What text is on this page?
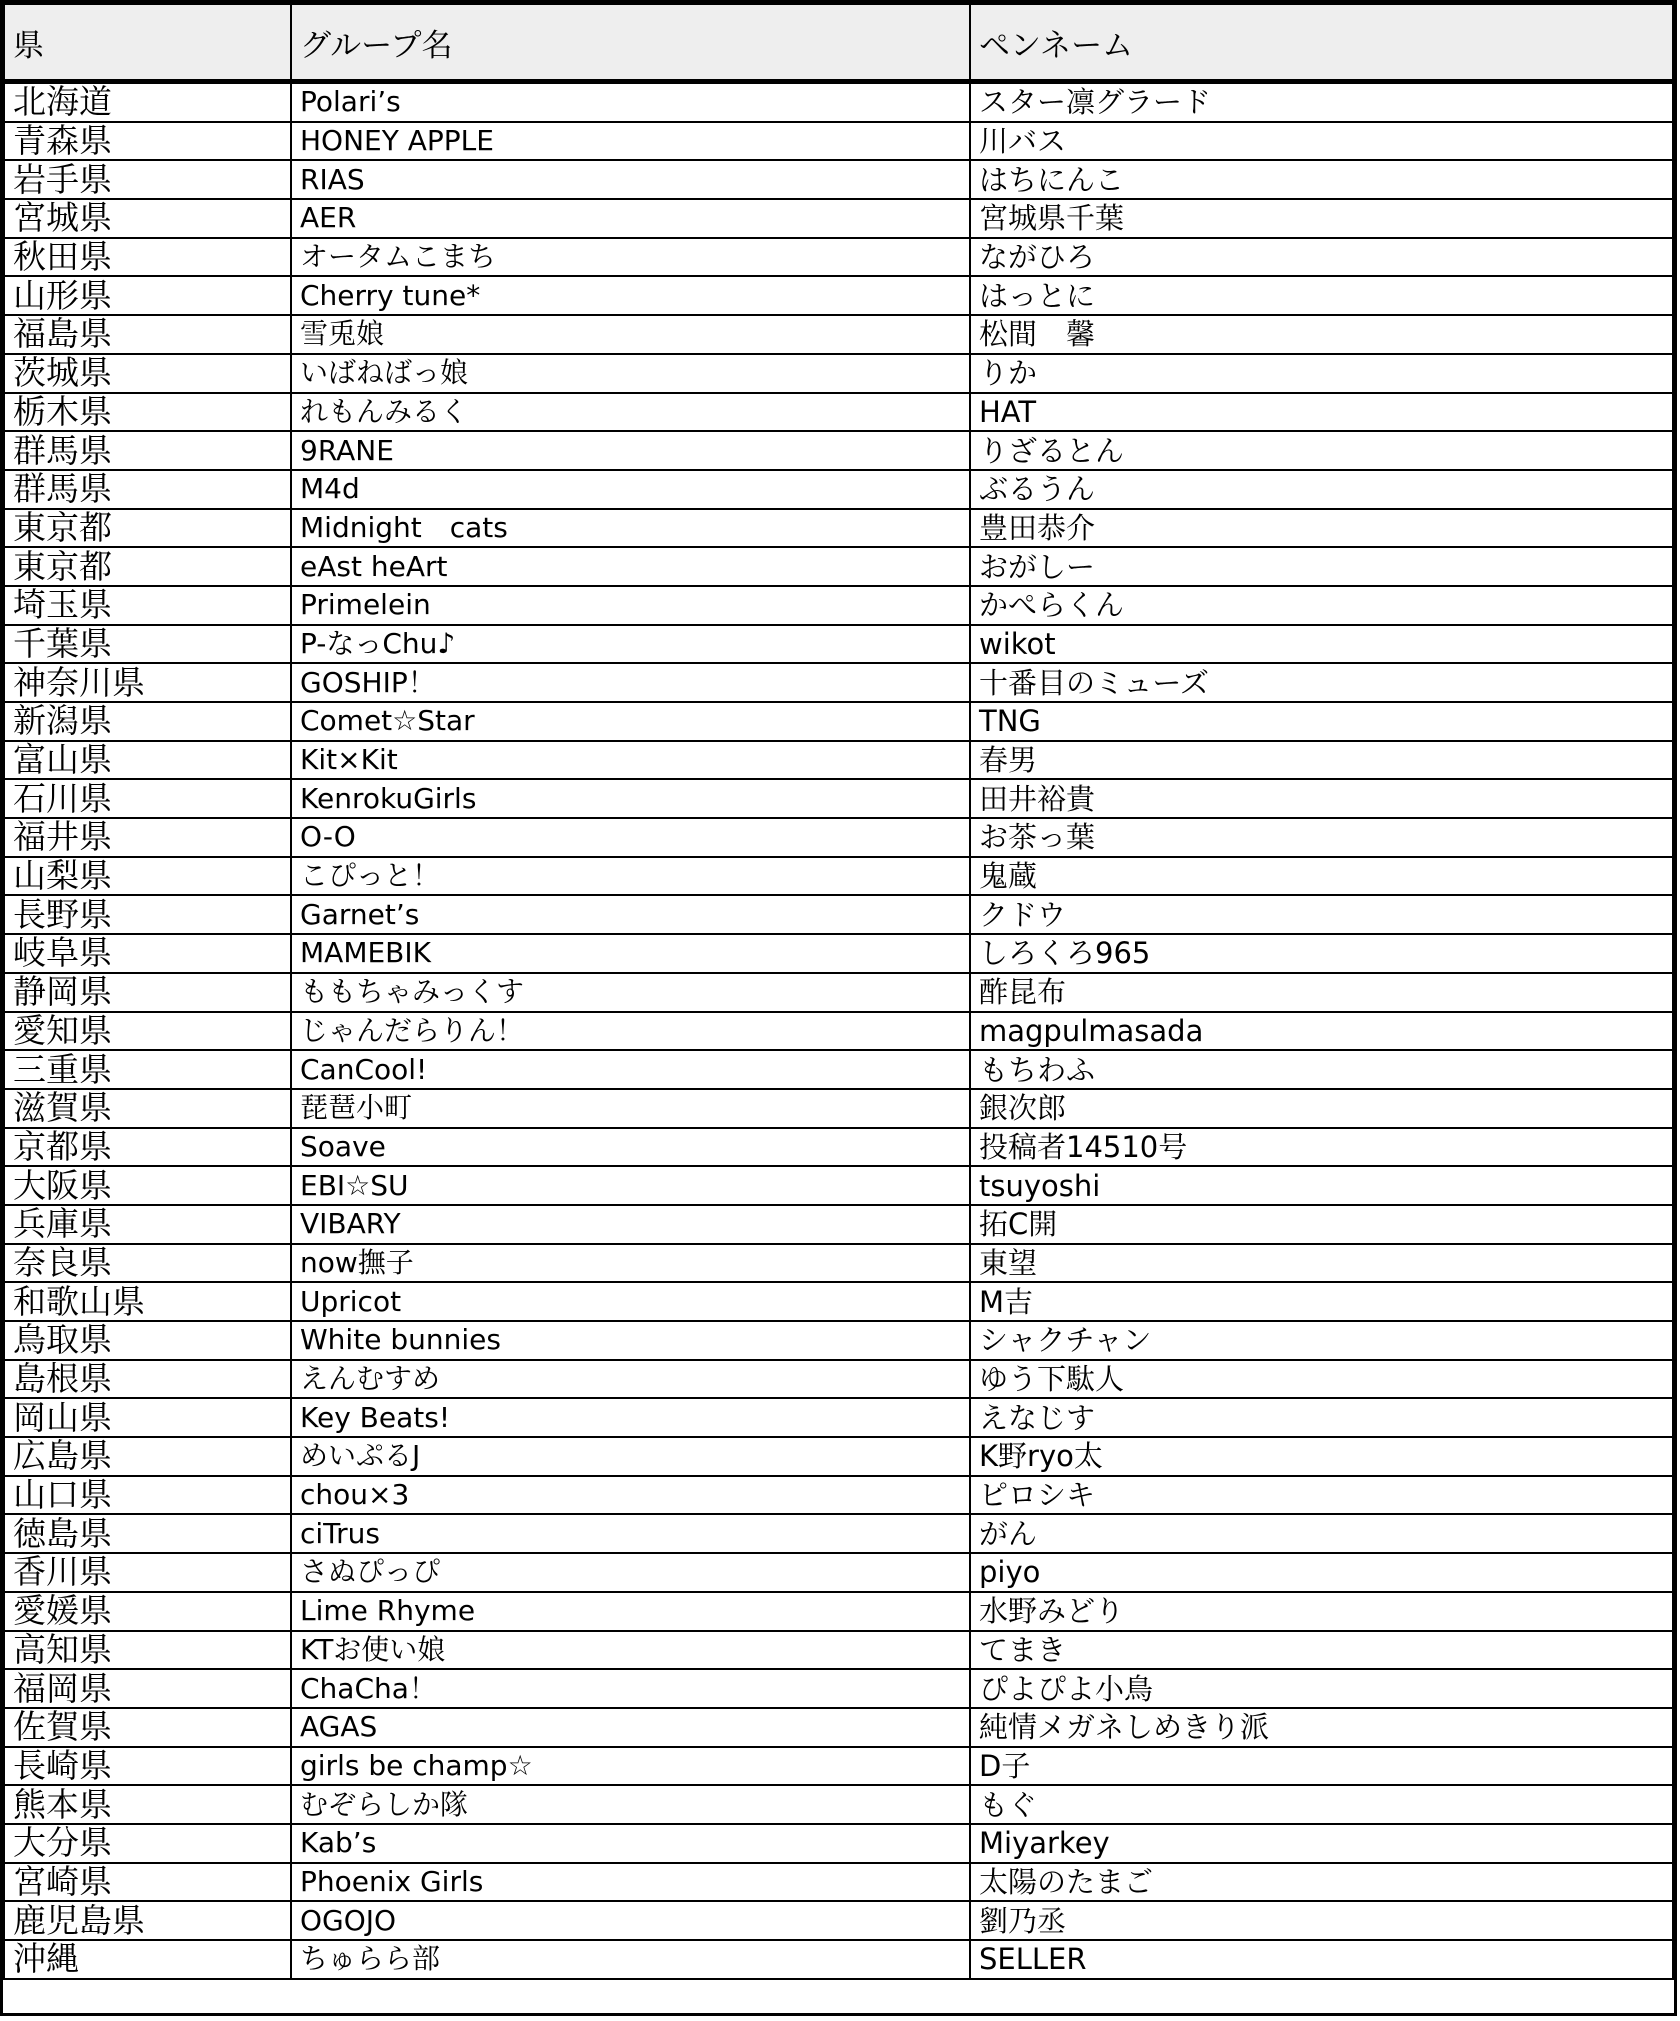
県	グループ名	ペンネーム
北海道	Polari’s	スター凛グラード
青森県	HONEY APPLE	川バス
岩手県	RIAS	はちにんこ
宮城県	AER	宮城県千葉
秋田県	オータムこまち	ながひろ
山形県	Cherry tune*	はっとに
福島県	雪兎娘	松間　馨
茨城県	いばねばっ娘	りか
栃木県	れもんみるく	HAT
群馬県	9RANE	りざるとん
群馬県	M4d	ぶるうん
東京都	Midnight　cats	豊田恭介
東京都	eAst heArt	おがしー
埼玉県	Primelein	かぺらくん
千葉県	P-なっChu♪	wikot
神奈川県	GOSHIP！	十番目のミューズ
新潟県	Comet☆Star	TNG
富山県	Kit×Kit	春男
石川県	KenrokuGirls	田井裕貴
福井県	O-O	お茶っ葉
山梨県	こぴっと！	鬼蔵
長野県	Garnet’s	クドウ
岐阜県	MAMEBIK	しろくろ965
静岡県	ももちゃみっくす	酢昆布
愛知県	じゃんだらりん！	magpulmasada
三重県	CanCool!	もちわふ
滋賀県	琵琶小町	銀次郎
京都県	Soave	投稿者14510号
大阪県	EBI☆SU	tsuyoshi
兵庫県	VIBARY	拓C開
奈良県	now撫子	東望
和歌山県	Upricot	M吉
鳥取県	White bunnies	シャクチャン
島根県	えんむすめ	ゆう下駄人
岡山県	Key Beats!	えなじす
広島県	めいぷるJ	K野ryo太
山口県	chou×3	ピロシキ
徳島県	ciTrus	がん
香川県	さぬぴっぴ	piyo
愛媛県	Lime Rhyme	水野みどり
高知県	KTお使い娘	てまき
福岡県	ChaCha！	ぴよぴよ小鳥
佐賀県	AGAS	純情メガネしめきり派
長崎県	girls be champ☆	D子
熊本県	むぞらしか隊	もぐ
大分県	Kab’s	Miyarkey
宮崎県	Phoenix Girls	太陽のたまご
鹿児島県	OGOJO	劉乃丞
沖縄	ちゅらら部	SELLER
